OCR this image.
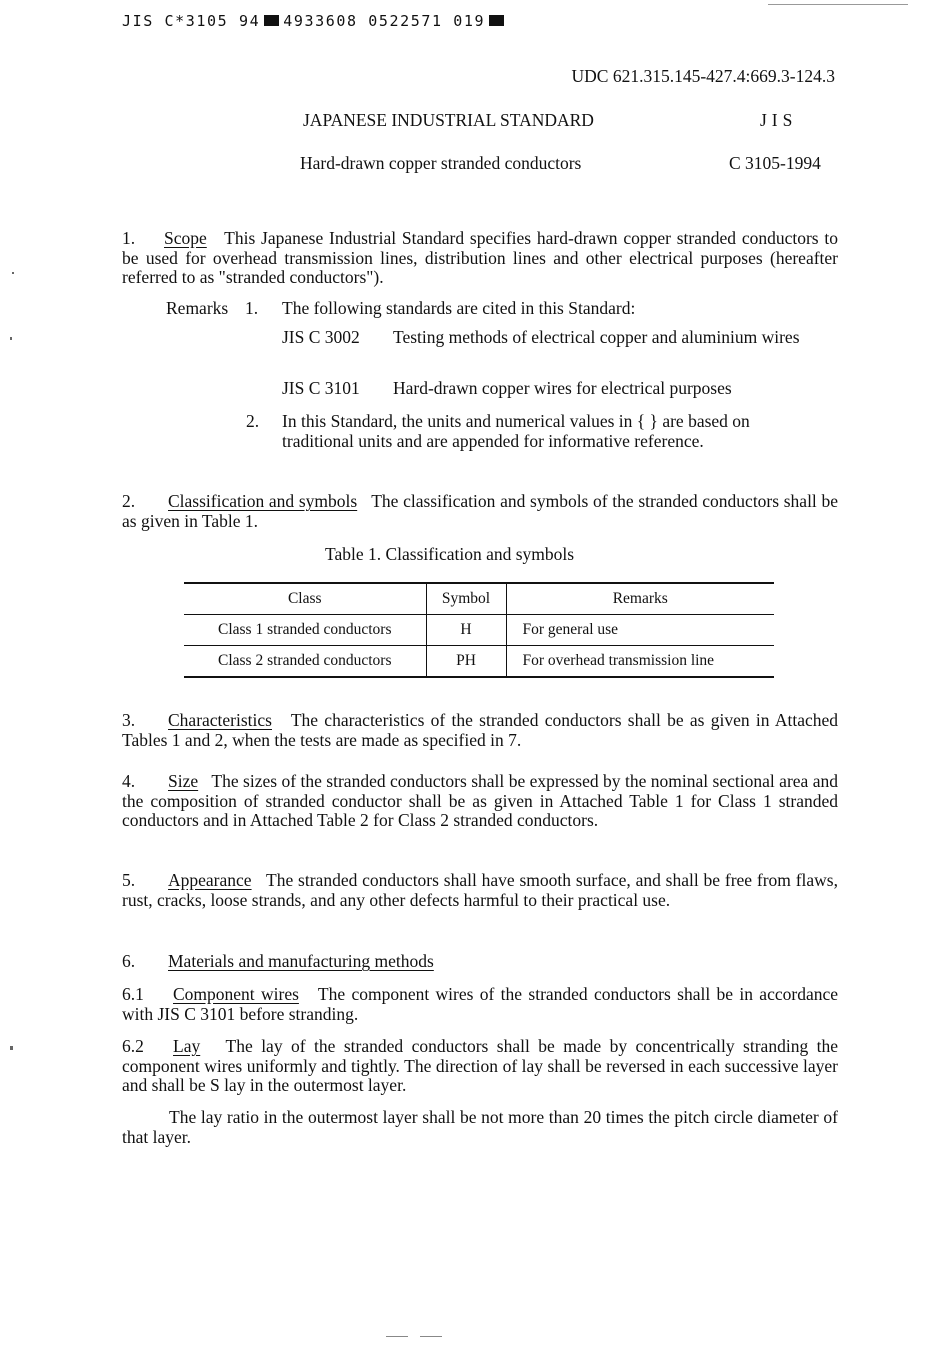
JIS C*3105 94 4933608 0522571 019
UDC 621.315.145-427.4:669.3-124.3
JAPANESE INDUSTRIAL STANDARD	JIS
Hard-drawn copper stranded conductors	C 3105-1994
1. Scope This Japanese Industrial Standard specifies hard-drawn copper stranded conductors to be used for overhead transmission lines, distribution lines and other electrical purposes (hereafter referred to as "stranded conductors").
Remarks 1. The following standards are cited in this Standard:
JIS C 3002 Testing methods of electrical copper and aluminium wires
JIS C 3101 Hard-drawn copper wires for electrical purposes
2. In this Standard, the units and numerical values in { } are based on traditional units and are appended for informative reference.
2. Classification and symbols The classification and symbols of the stranded conductors shall be as given in Table 1.
Table 1. Classification and symbols
Class	Symbol	Remarks
Class 1 stranded conductors	H	For general use
Class 2 stranded conductors	PH	For overhead transmission line
3. Characteristics The characteristics of the stranded conductors shall be as given in Attached Tables 1 and 2, when the tests are made as specified in 7.
4. Size The sizes of the stranded conductors shall be expressed by the nominal sectional area and the composition of stranded conductor shall be as given in Attached Table 1 for Class 1 stranded conductors and in Attached Table 2 for Class 2 stranded conductors.
5. Appearance The stranded conductors shall have smooth surface, and shall be free from flaws, rust, cracks, loose strands, and any other defects harmful to their practical use.
6. Materials and manufacturing methods
6.1 Component wires The component wires of the stranded conductors shall be in accordance with JIS C 3101 before stranding.
6.2 Lay The lay of the stranded conductors shall be made by concentrically stranding the component wires uniformly and tightly. The direction of lay shall be reversed in each successive layer and shall be S lay in the outermost layer.
The lay ratio in the outermost layer shall be not more than 20 times the pitch circle diameter of that layer.
